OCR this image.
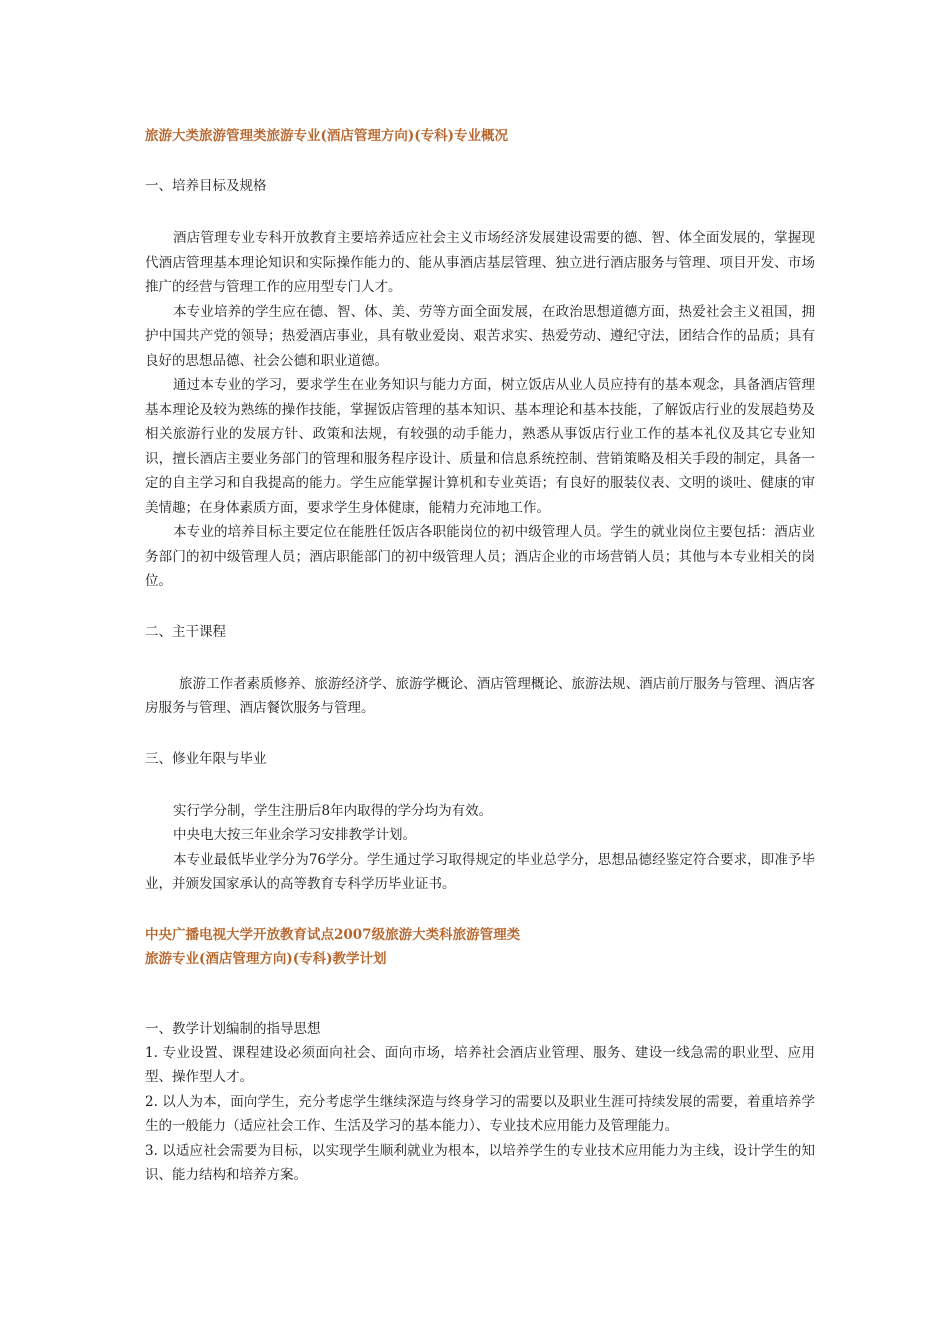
旅游大类旅游管理类旅游专业(酒店管理方向)(专科)专业概况

一、培养目标及规格

酒店管理专业专科开放教育主要培养适应社会主义市场经济发展建设需要的德、智、体全面发展的，掌握现代酒店管理基本理论知识和实际操作能力的、能从事酒店基层管理、独立进行酒店服务与管理、项目开发、市场推广的经营与管理工作的应用型专门人才。

本专业培养的学生应在德、智、体、美、劳等方面全面发展，在政治思想道德方面，热爱社会主义祖国，拥护中国共产党的领导；热爱酒店事业，具有敬业爱岗、艰苦求实、热爱劳动、遵纪守法，团结合作的品质；具有良好的思想品德、社会公德和职业道德。

通过本专业的学习，要求学生在业务知识与能力方面，树立饭店从业人员应持有的基本观念，具备酒店管理基本理论及较为熟练的操作技能，掌握饭店管理的基本知识、基本理论和基本技能，了解饭店行业的发展趋势及相关旅游行业的发展方针、政策和法规，有较强的动手能力，熟悉从事饭店行业工作的基本礼仪及其它专业知识，擅长酒店主要业务部门的管理和服务程序设计、质量和信息系统控制、营销策略及相关手段的制定，具备一定的自主学习和自我提高的能力。学生应能掌握计算机和专业英语；有良好的服装仪表、文明的谈吐、健康的审美情趣；在身体素质方面，要求学生身体健康，能精力充沛地工作。

本专业的培养目标主要定位在能胜任饭店各职能岗位的初中级管理人员。学生的就业岗位主要包括：酒店业务部门的初中级管理人员；酒店职能部门的初中级管理人员；酒店企业的市场营销人员；其他与本专业相关的岗位。

二、主干课程

旅游工作者素质修养、旅游经济学、旅游学概论、酒店管理概论、旅游法规、酒店前厅服务与管理、酒店客房服务与管理、酒店餐饮服务与管理。

三、修业年限与毕业

实行学分制，学生注册后8年内取得的学分均为有效。

中央电大按三年业余学习安排教学计划。

本专业最低毕业学分为76学分。学生通过学习取得规定的毕业总学分，思想品德经鉴定符合要求，即准予毕业，并颁发国家承认的高等教育专科学历毕业证书。

中央广播电视大学开放教育试点2007级旅游大类科旅游管理类

旅游专业(酒店管理方向)(专科)教学计划

一、教学计划编制的指导思想

1. 专业设置、课程建设必须面向社会、面向市场，培养社会酒店业管理、服务、建设一线急需的职业型、应用型、操作型人才。

2. 以人为本，面向学生，充分考虑学生继续深造与终身学习的需要以及职业生涯可持续发展的需要，着重培养学生的一般能力（适应社会工作、生活及学习的基本能力）、专业技术应用能力及管理能力。

3. 以适应社会需要为目标，以实现学生顺利就业为根本，以培养学生的专业技术应用能力为主线，设计学生的知识、能力结构和培养方案。
